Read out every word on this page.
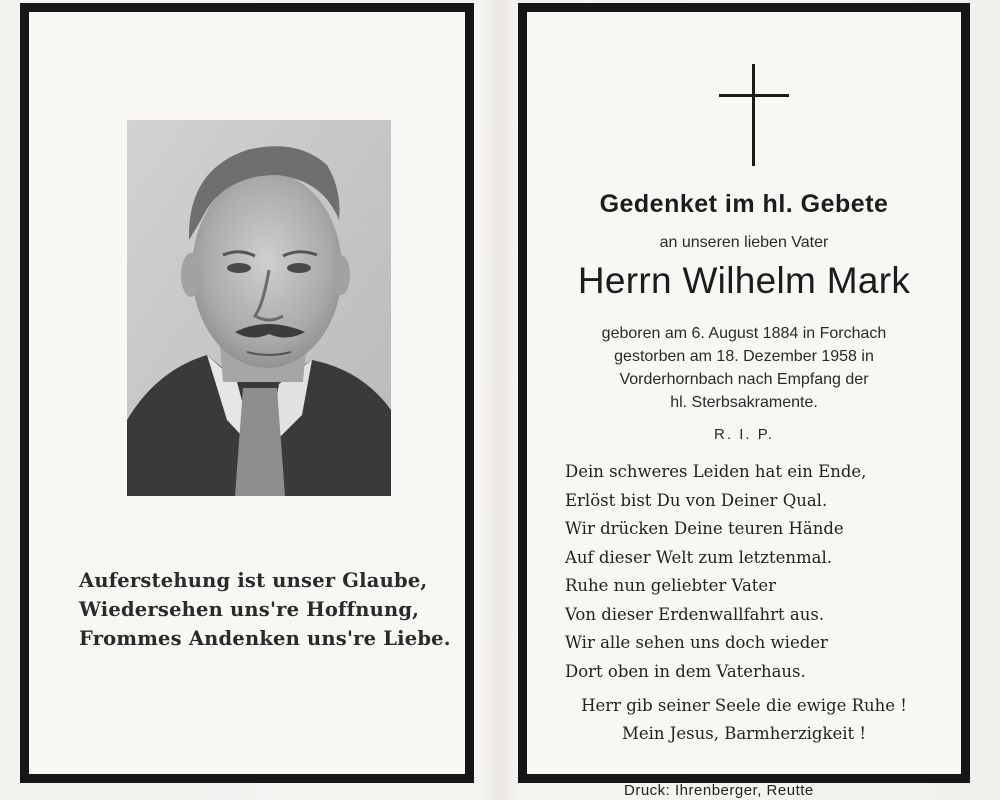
Auferstehung ist unser Glaube,
Wiedersehen uns're Hoffnung,
Frommes Andenken uns're Liebe.
Gedenket im hl. Gebete
an unseren lieben Vater
Herrn Wilhelm Mark
geboren am 6. August 1884 in Forchach
gestorben am 18. Dezember 1958 in
Vorderhornbach nach Empfang der
hl. Sterbsakramente.
R. I. P.
Dein schweres Leiden hat ein Ende,
Erlöst bist Du von Deiner Qual.
Wir drücken Deine teuren Hände
Auf dieser Welt zum letztenmal.
Ruhe nun geliebter Vater
Von dieser Erdenwallfahrt aus.
Wir alle sehen uns doch wieder
Dort oben in dem Vaterhaus.
Herr gib seiner Seele die ewige Ruhe !
Mein Jesus, Barmherzigkeit !
Druck: Ihrenberger, Reutte
